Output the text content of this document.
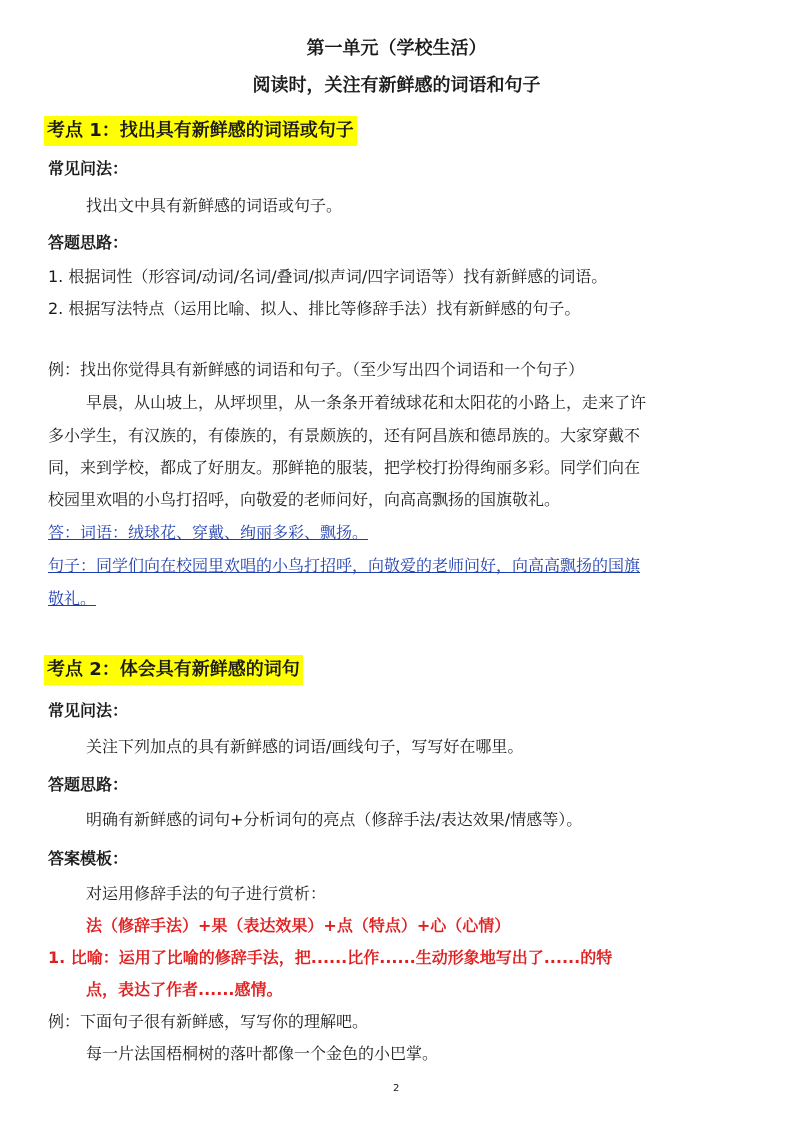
第一单元（学校生活）
阅读时，关注有新鲜感的词语和句子
考点 1：找出具有新鲜感的词语或句子
常见问法：
找出文中具有新鲜感的词语或句子。
答题思路：
1. 根据词性（形容词/动词/名词/叠词/拟声词/四字词语等）找有新鲜感的词语。
2. 根据写法特点（运用比喻、拟人、排比等修辞手法）找有新鲜感的句子。
例：找出你觉得具有新鲜感的词语和句子。（至少写出四个词语和一个句子）
早晨，从山坡上，从坪坝里，从一条条开着绒球花和太阳花的小路上，走来了许
多小学生，有汉族的，有傣族的，有景颇族的，还有阿昌族和德昂族的。大家穿戴不
同，来到学校，都成了好朋友。那鲜艳的服装，把学校打扮得绚丽多彩。同学们向在
校园里欢唱的小鸟打招呼，向敬爱的老师问好，向高高飘扬的国旗敬礼。
答：词语：绒球花、穿戴、绚丽多彩、飘扬。
句子：同学们向在校园里欢唱的小鸟打招呼，向敬爱的老师问好，向高高飘扬的国旗
敬礼。
考点 2：体会具有新鲜感的词句
常见问法：
关注下列加点的具有新鲜感的词语/画线句子，写写好在哪里。
答题思路：
明确有新鲜感的词句+分析词句的亮点（修辞手法/表达效果/情感等）。
答案模板：
对运用修辞手法的句子进行赏析：
法（修辞手法）+果（表达效果）+点（特点）+心（心情）
1. 比喻：运用了比喻的修辞手法，把......比作......生动形象地写出了......的特
点，表达了作者......感情。
例：下面句子很有新鲜感，写写你的理解吧。
每一片法国梧桐树的落叶都像一个金色的小巴掌。
2
